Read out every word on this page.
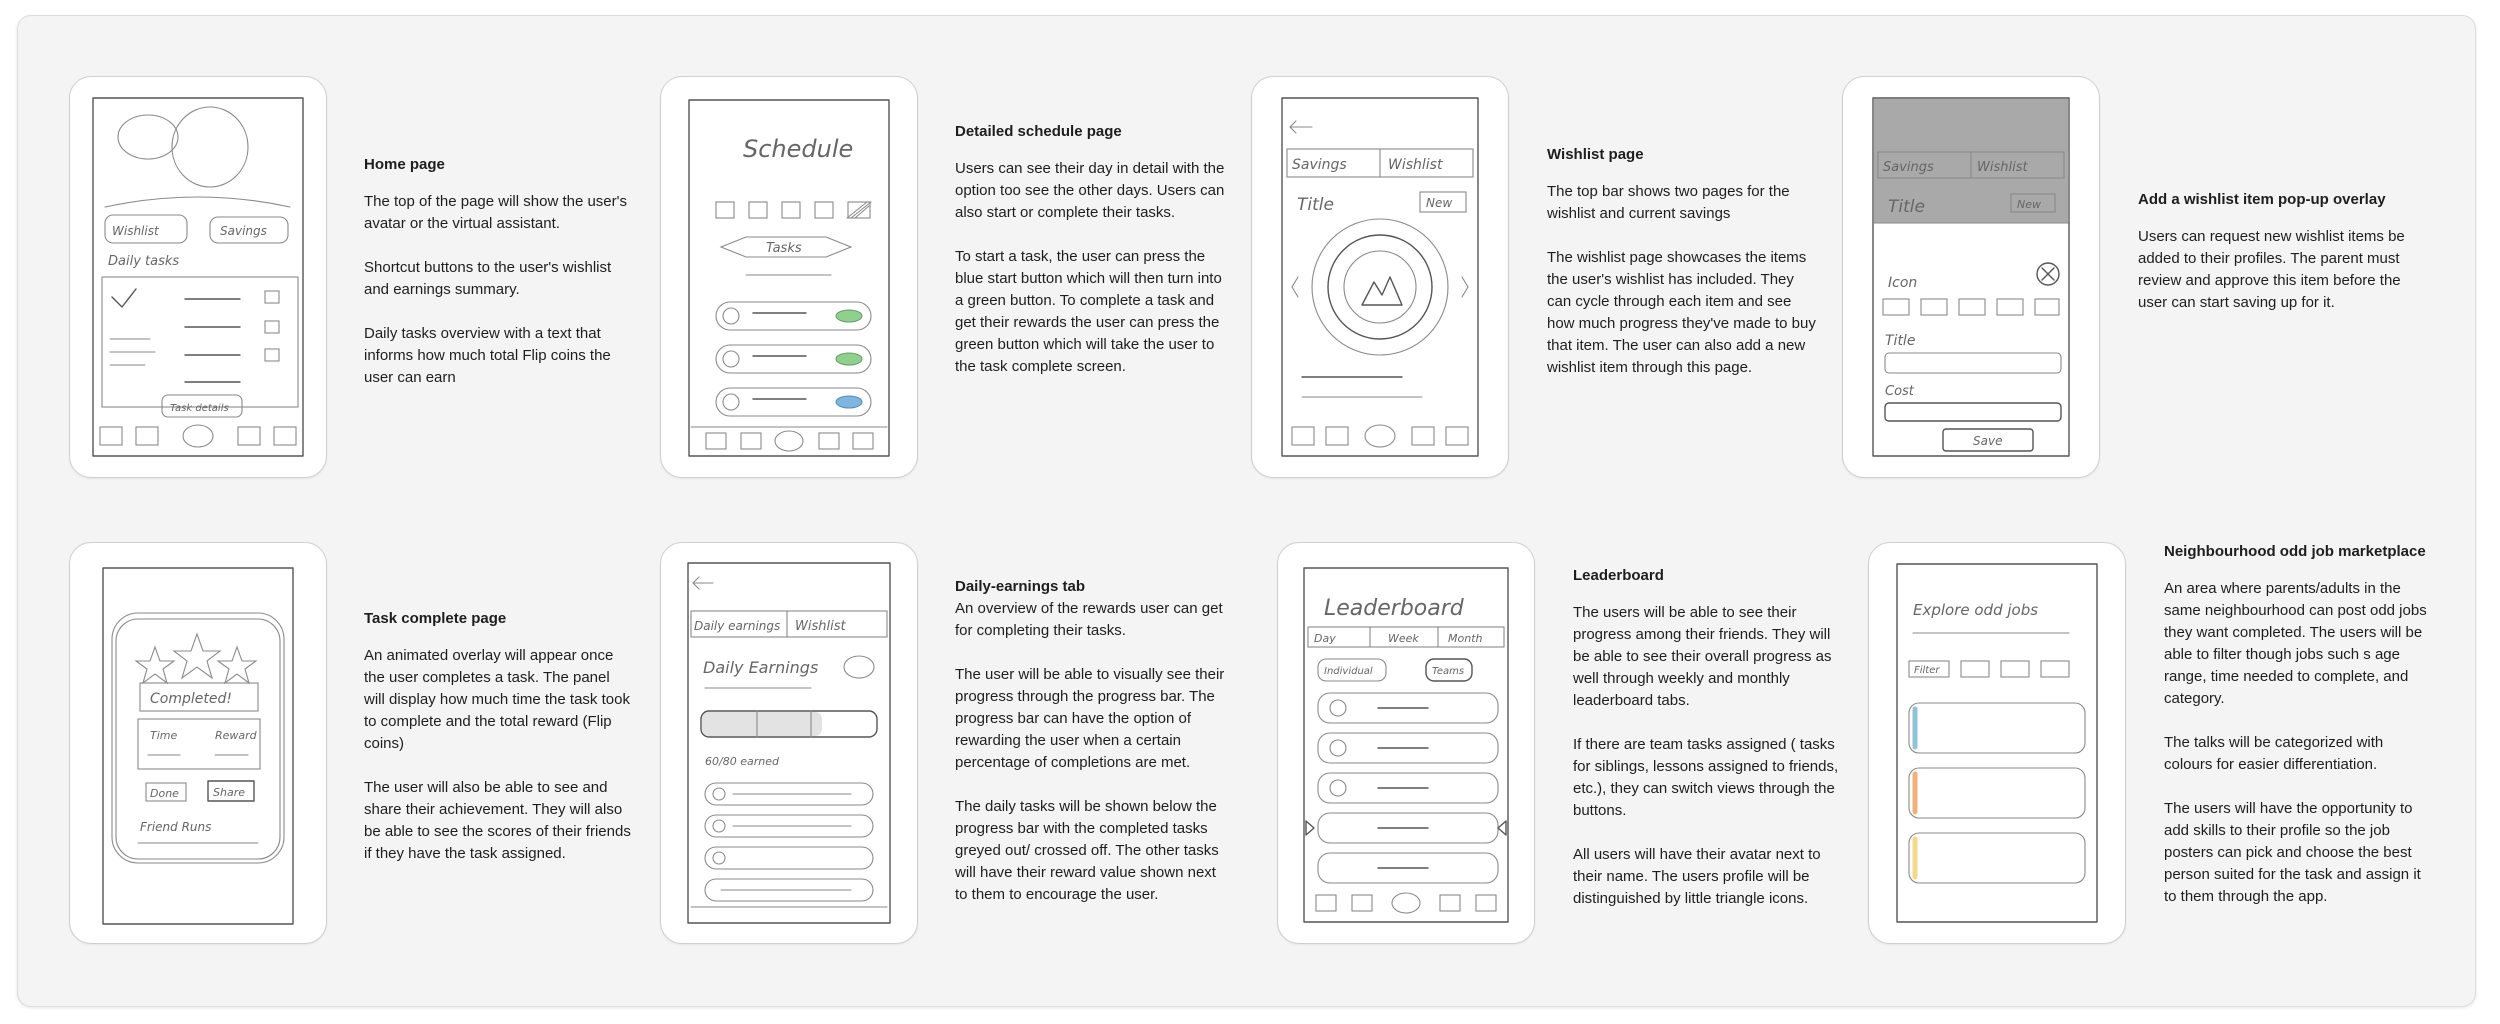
Wishlist	Savings
Daily tasks
Task details
Home page

The top of the page will show the user's avatar or the virtual assistant.

Shortcut buttons to the user's wishlist and earnings summary.

Daily tasks overview with a text that informs how much total Flip coins the user can earn

Schedule
Tasks
Detailed schedule page

Users can see their day in detail with the option too see the other days. Users can also start or complete their tasks.

To start a task, the user can press the blue start button which will then turn into a green button. To complete a task and get their rewards the user can press the green button which will take the user to the task complete screen.

Savings	Wishlist
Title	New
Wishlist page

The top bar shows two pages for the wishlist and current savings

The wishlist page showcases the items the user's wishlist has included. They can cycle through each item and see how much progress they've made to buy that item. The user can also add a new wishlist item through this page.

Savings	Wishlist
Title	New
Icon
Title
Cost
Save
Add a wishlist item pop-up overlay

Users can request new wishlist items be added to their profiles. The parent must review and approve this item before the user can start saving up for it.

Completed!
Time	Reward
Done	Share
Friend Runs
Task complete page

An animated overlay will appear once the user completes a task. The panel will display how much time the task took to complete and the total reward (Flip coins)

The user will also be able to see and share their achievement. They will also be able to see the scores of their friends if they have the task assigned.

Daily earnings Wishlist
Daily Earnings
60/80 earned
Daily-earnings tab

An overview of the rewards user can get for completing their tasks.

The user will be able to visually see their progress through the progress bar. The progress bar can have the option of rewarding the user when a certain percentage of completions are met.

The daily tasks will be shown below the progress bar with the completed tasks greyed out/ crossed off. The other tasks will have their reward value shown next to them to encourage the user.

Leaderboard
Day	Week	Month
Individual	Teams
Leaderboard

The users will be able to see their progress among their friends. They will be able to see their overall progress as well through weekly and monthly leaderboard tabs.

If there are team tasks assigned ( tasks for siblings, lessons assigned to friends, etc.), they can switch views through the buttons.

All users will have their avatar next to their name. The users profile will be distinguished by little triangle icons.

Explore odd jobs
Filter
Neighbourhood odd job marketplace

An area where parents/adults in the same neighbourhood can post odd jobs they want completed. The users will be able to filter though jobs such s age range, time needed to complete, and category.

The talks will be categorized with colours for easier differentiation.

The users will have the opportunity to add skills to their profile so the job posters can pick and choose the best person suited for the task and assign it to them through the app.
